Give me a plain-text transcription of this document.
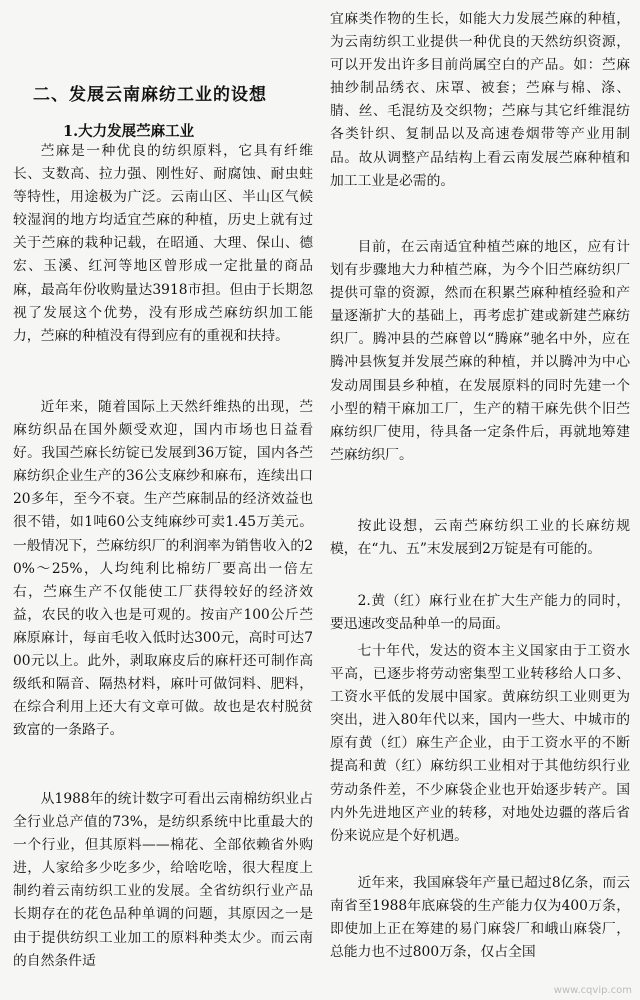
二、发展云南麻纺工业的设想
1.大力发展苎麻工业

苎麻是一种优良的纺织原料，它具有纤维长、支数高、拉力强、刚性好、耐腐蚀、耐虫蛀等特性，用途极为广泛。云南山区、半山区气候较湿润的地方均适宜苎麻的种植，历史上就有过关于苎麻的栽种记载，在昭通、大理、保山、德宏、玉溪、红河等地区曾形成一定批量的商品麻，最高年份收购量达3918市担。但由于长期忽视了发展这个优势，没有形成苎麻纺织加工能力，苎麻的种植没有得到应有的重视和扶持。

近年来，随着国际上天然纤维热的出现，苎麻纺织品在国外颇受欢迎，国内市场也日益看好。我国苎麻长纺锭已发展到36万锭，国内各苎麻纺织企业生产的36公支麻纱和麻布，连续出口20多年，至今不衰。生产苎麻制品的经济效益也很不错，如1吨60公支纯麻纱可卖1.45万美元。一般情况下，苎麻纺织厂的利润率为销售收入的20%～25%，人均纯利比棉纺厂要高出一倍左右，苎麻生产不仅能使工厂获得较好的经济效益，农民的收入也是可观的。按亩产100公斤苎麻原麻计，每亩毛收入低时达300元，高时可达700元以上。此外，剥取麻皮后的麻杆还可制作高级纸和隔音、隔热材料，麻叶可做饲料、肥料，在综合利用上还大有文章可做。故也是农村脱贫致富的一条路子。

从1988年的统计数字可看出云南棉纺织业占全行业总产值的73%，是纺织系统中比重最大的一个行业，但其原料——棉花、全部依赖省外购进，人家给多少吃多少，给啥吃啥，很大程度上制约着云南纺织工业的发展。全省纺织行业产品长期存在的花色品种单调的问题，其原因之一是由于提供纺织工业加工的原料种类太少。而云南的自然条件适

宜麻类作物的生长，如能大力发展苎麻的种植，为云南纺织工业提供一种优良的天然纺织资源，可以开发出许多目前尚属空白的产品。如：苎麻抽纱制品绣衣、床罩、被套；苎麻与棉、涤、腈、丝、毛混纺及交织物；苎麻与其它纤维混纺各类针织、复制品以及高速卷烟带等产业用制品。故从调整产品结构上看云南发展苎麻种植和加工工业是必需的。

目前，在云南适宜种植苎麻的地区，应有计划有步骤地大力种植苎麻，为今个旧苎麻纺织厂提供可靠的资源，然而在积累苎麻种植经验和产量逐渐扩大的基础上，再考虑扩建或新建苎麻纺织厂。腾冲县的苎麻曾以“腾麻”驰名中外，应在腾冲县恢复并发展苎麻的种植，并以腾冲为中心发动周围县乡种植，在发展原料的同时先建一个小型的精干麻加工厂，生产的精干麻先供个旧苎麻纺织厂使用，待具备一定条件后，再就地筹建苎麻纺织厂。

按此设想，云南苎麻纺织工业的长麻纺规模，在“九、五”末发展到2万锭是有可能的。

2.黄（红）麻行业在扩大生产能力的同时，要迅速改变品种单一的局面。

七十年代，发达的资本主义国家由于工资水平高，已逐步将劳动密集型工业转移给人口多、工资水平低的发展中国家。黄麻纺织工业则更为突出，进入80年代以来，国内一些大、中城市的原有黄（红）麻生产企业，由于工资水平的不断提高和黄（红）麻纺织工业相对于其他纺织行业劳动条件差，不少麻袋企业也开始逐步转产。国内外先进地区产业的转移，对地处边疆的落后省份来说应是个好机遇。

近年来，我国麻袋年产量已超过8亿条，而云南省至1988年底麻袋的生产能力仅为400万条，即使加上正在筹建的易门麻袋厂和峨山麻袋厂，总能力也不过800万条，仅占全国

www.cqvip.com
